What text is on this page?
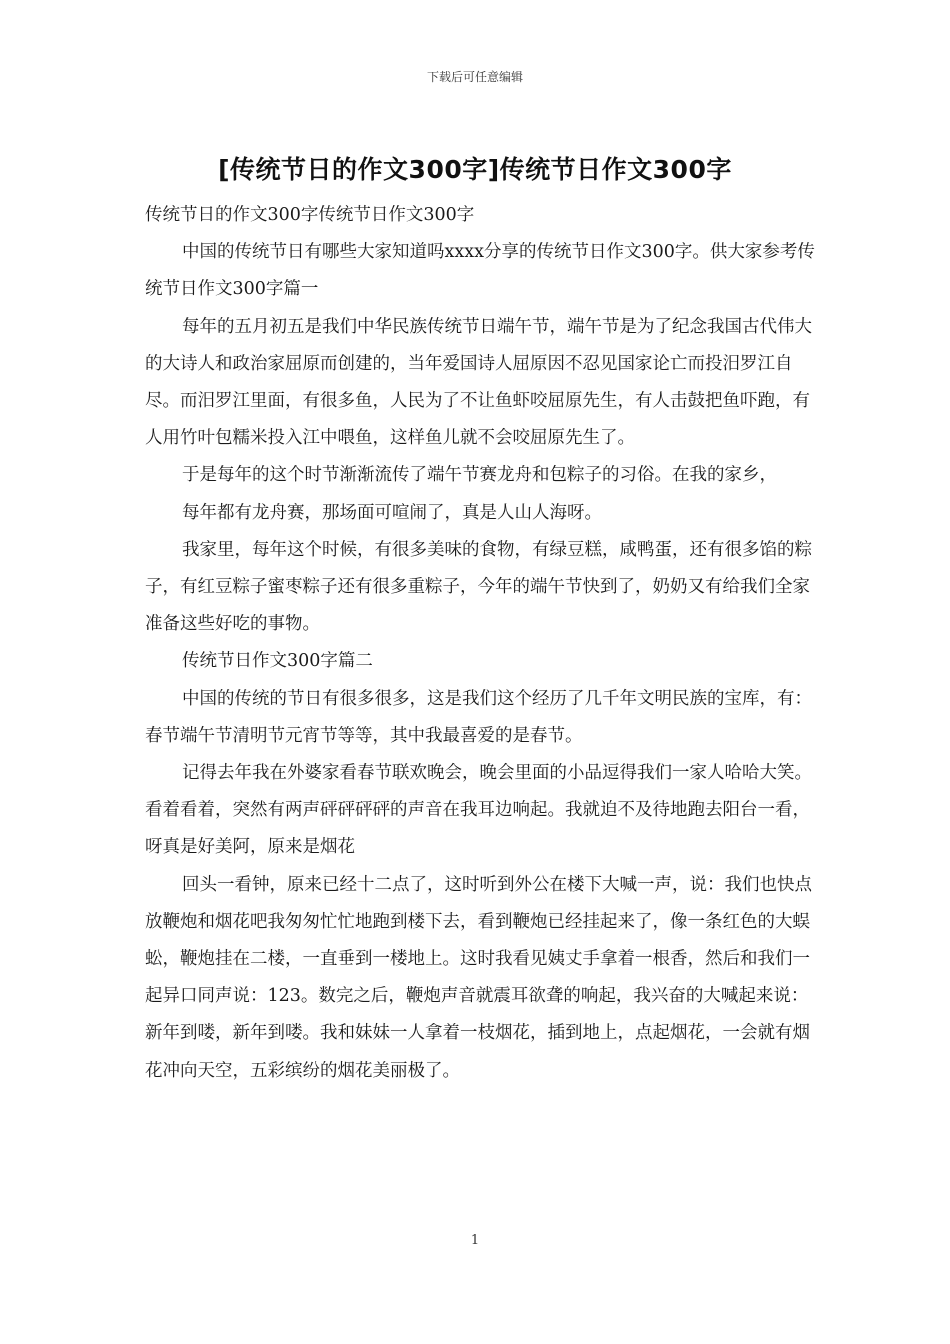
下载后可任意编辑
[传统节日的作文300字]传统节日作文300字

传统节日的作文300字传统节日作文300字

中国的传统节日有哪些大家知道吗xxxx分享的传统节日作文300字。供大家参考传统节日作文300字篇一

每年的五月初五是我们中华民族传统节日端午节，端午节是为了纪念我国古代伟大的大诗人和政治家屈原而创建的，当年爱国诗人屈原因不忍见国家论亡而投汨罗江自尽。而汨罗江里面，有很多鱼，人民为了不让鱼虾咬屈原先生，有人击鼓把鱼吓跑，有人用竹叶包糯米投入江中喂鱼，这样鱼儿就不会咬屈原先生了。

于是每年的这个时节渐渐流传了端午节赛龙舟和包粽子的习俗。在我的家乡，

每年都有龙舟赛，那场面可喧闹了，真是人山人海呀。

我家里，每年这个时候，有很多美味的食物，有绿豆糕，咸鸭蛋，还有很多馅的粽子，有红豆粽子蜜枣粽子还有很多重粽子，今年的端午节快到了，奶奶又有给我们全家准备这些好吃的事物。

传统节日作文300字篇二

中国的传统的节日有很多很多，这是我们这个经历了几千年文明民族的宝库，有：春节端午节清明节元宵节等等，其中我最喜爱的是春节。

记得去年我在外婆家看春节联欢晚会，晚会里面的小品逗得我们一家人哈哈大笑。看着看着，突然有两声砰砰砰砰的声音在我耳边响起。我就迫不及待地跑去阳台一看，呀真是好美阿，原来是烟花

回头一看钟，原来已经十二点了，这时听到外公在楼下大喊一声，说：我们也快点放鞭炮和烟花吧我匆匆忙忙地跑到楼下去，看到鞭炮已经挂起来了，像一条红色的大蜈蚣，鞭炮挂在二楼，一直垂到一楼地上。这时我看见姨丈手拿着一根香，然后和我们一起异口同声说：123。数完之后，鞭炮声音就震耳欲聋的响起，我兴奋的大喊起来说：新年到喽，新年到喽。我和妹妹一人拿着一枝烟花，插到地上，点起烟花，一会就有烟花冲向天空，五彩缤纷的烟花美丽极了。

1
